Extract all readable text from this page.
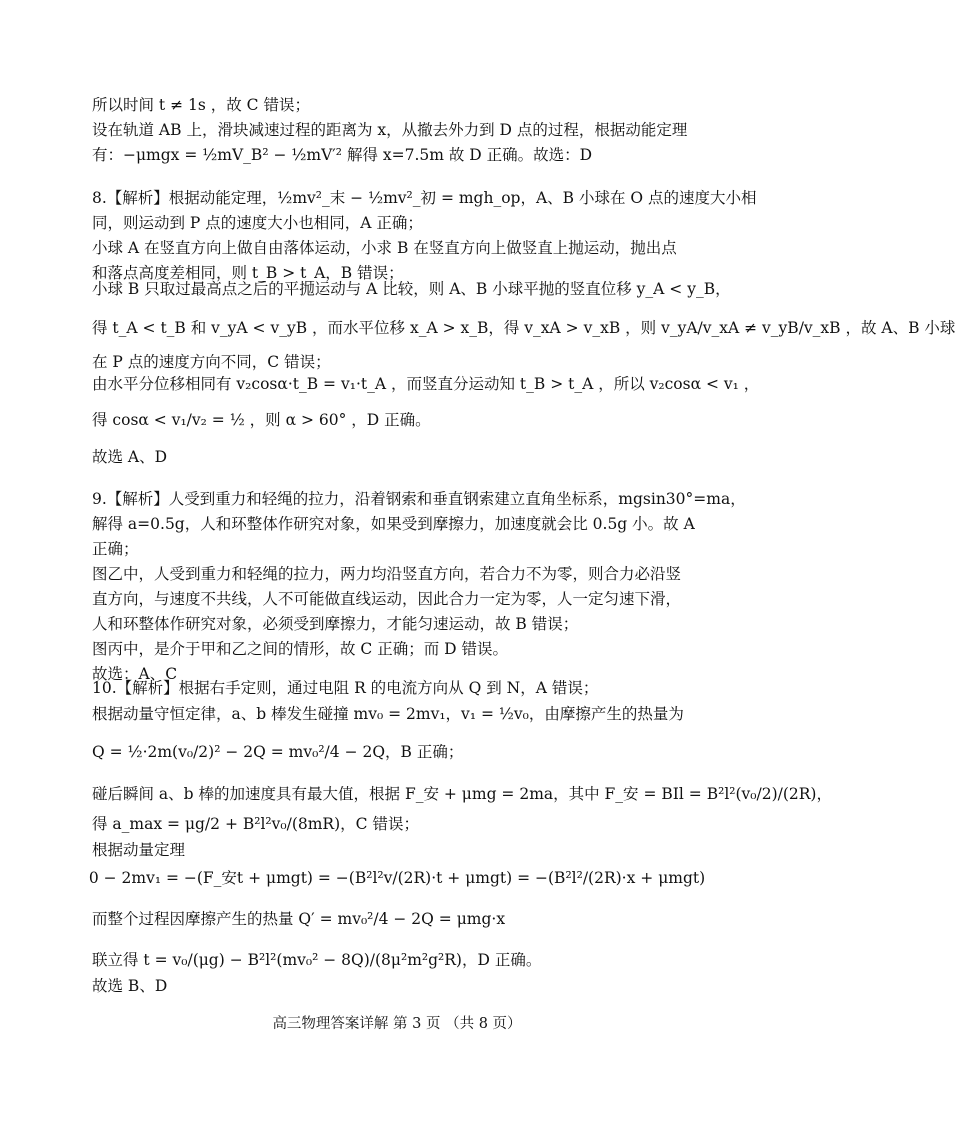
所以时间 t ≠ 1s ，故 C 错误；
设在轨道 AB 上，滑块减速过程的距离为 x，从撤去外力到 D 点的过程，根据动能定理
有：−μmgx = ½mV_B² − ½mV′² 解得 x=7.5m 故 D 正确。故选：D
8.【解析】根据动能定理，½mv²_末 − ½mv²_初 = mgh_op，A、B 小球在 O 点的速度大小相
同，则运动到 P 点的速度大小也相同，A 正确；
小球 A 在竖直方向上做自由落体运动，小求 B 在竖直方向上做竖直上抛运动，抛出点
和落点高度差相同，则 t_B > t_A，B 错误；
小球 B 只取过最高点之后的平抛运动与 A 比较，则 A、B 小球平抛的竖直位移 y_A < y_B，
得 t_A < t_B 和 v_yA < v_yB ，而水平位移 x_A > x_B，得 v_xA > v_xB ，则 v_yA/v_xA ≠ v_yB/v_xB ，故 A、B 小球
在 P 点的速度方向不同，C 错误；
由水平分位移相同有 v₂cosα·t_B = v₁·t_A ，而竖直分运动知 t_B > t_A ，所以 v₂cosα < v₁ ，
得 cosα < v₁/v₂ = ½ ，则 α > 60° ，D 正确。
故选 A、D
9.【解析】人受到重力和轻绳的拉力，沿着钢索和垂直钢索建立直角坐标系，mgsin30°=ma，
解得 a=0.5g，人和环整体作研究对象，如果受到摩擦力，加速度就会比 0.5g 小。故 A
正确；
图乙中，人受到重力和轻绳的拉力，两力均沿竖直方向，若合力不为零，则合力必沿竖
直方向，与速度不共线，人不可能做直线运动，因此合力一定为零，人一定匀速下滑，
人和环整体作研究对象，必须受到摩擦力，才能匀速运动，故 B 错误；
图丙中，是介于甲和乙之间的情形，故 C 正确；而 D 错误。
故选：A、C
10.【解析】根据右手定则，通过电阻 R 的电流方向从 Q 到 N，A 错误；
根据动量守恒定律，a、b 棒发生碰撞 mv₀ = 2mv₁，v₁ = ½v₀，由摩擦产生的热量为
Q = ½·2m(v₀/2)² − 2Q = mv₀²/4 − 2Q，B 正确；
碰后瞬间 a、b 棒的加速度具有最大值，根据 F_安 + μmg = 2ma，其中 F_安 = BIl = B²l²(v₀/2)/(2R)，
得 a_max = μg/2 + B²l²v₀/(8mR)，C 错误；
根据动量定理
0 − 2mv₁ = −(F_安t + μmgt) = −(B²l²v/(2R)·t + μmgt) = −(B²l²/(2R)·x + μmgt)
而整个过程因摩擦产生的热量 Q′ = mv₀²/4 − 2Q = μmg·x
联立得 t = v₀/(μg) − B²l²(mv₀² − 8Q)/(8μ²m²g²R)，D 正确。
故选 B、D
高三物理答案详解 第 3 页 （共 8 页）
